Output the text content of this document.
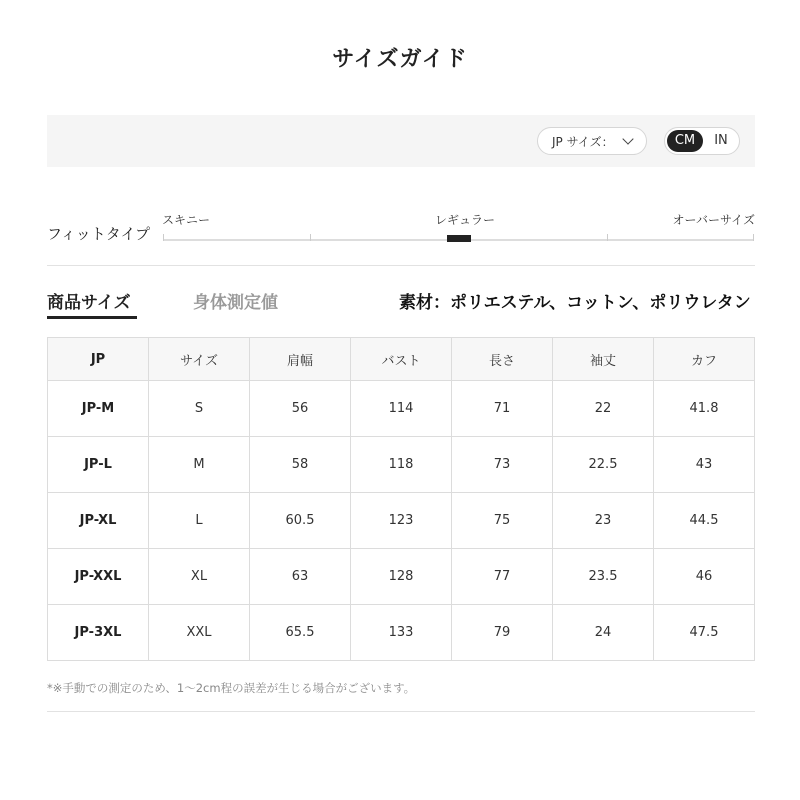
サイズガイド
JP サイズ：	CM	IN
フィットタイプ
スキニー	レギュラー	オーバーサイズ
商品サイズ	身体測定値	素材：ポリエステル、コットン、ポリウレタン
JP	サイズ	肩幅	バスト	長さ	袖丈	カフ
JP-M	S	56	114	71	22	41.8
JP-L	M	58	118	73	22.5	43
JP-XL	L	60.5	123	75	23	44.5
JP-XXL	XL	63	128	77	23.5	46
JP-3XL	XXL	65.5	133	79	24	47.5
*※手動での測定のため、1〜2cm程の誤差が生じる場合がございます。
